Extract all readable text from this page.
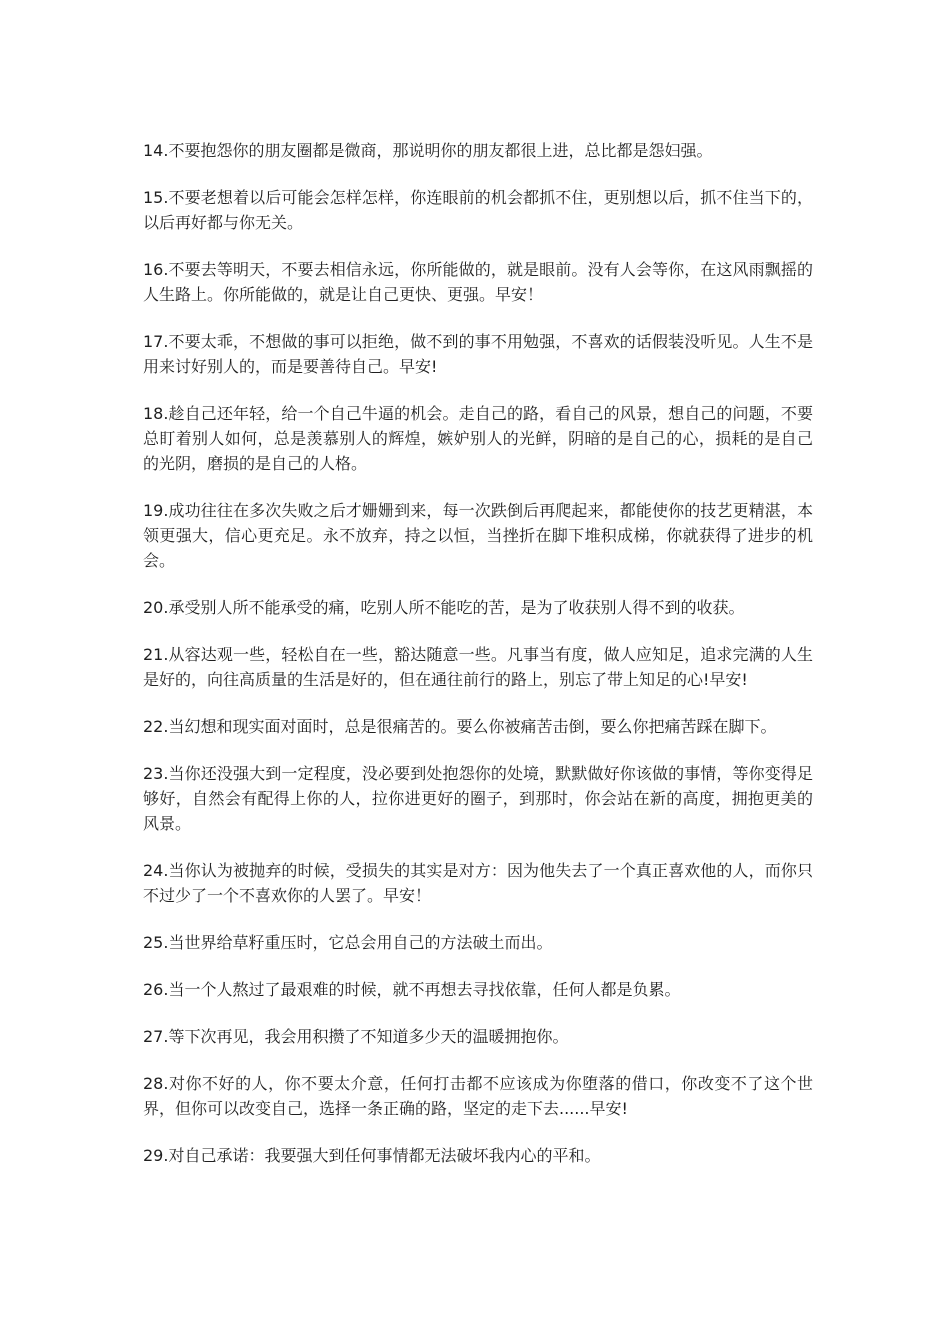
14.不要抱怨你的朋友圈都是微商，那说明你的朋友都很上进，总比都是怨妇强。

15.不要老想着以后可能会怎样怎样，你连眼前的机会都抓不住，更别想以后，抓不住当下的，以后再好都与你无关。

16.不要去等明天，不要去相信永远，你所能做的，就是眼前。没有人会等你，在这风雨飘摇的人生路上。你所能做的，就是让自己更快、更强。早安！

17.不要太乖，不想做的事可以拒绝，做不到的事不用勉强，不喜欢的话假装没听见。人生不是用来讨好别人的，而是要善待自己。早安!

18.趁自己还年轻，给一个自己牛逼的机会。走自己的路，看自己的风景，想自己的问题，不要总盯着别人如何，总是羡慕别人的辉煌，嫉妒别人的光鲜，阴暗的是自己的心，损耗的是自己的光阴，磨损的是自己的人格。

19.成功往往在多次失败之后才姗姗到来，每一次跌倒后再爬起来，都能使你的技艺更精湛，本领更强大，信心更充足。永不放弃，持之以恒，当挫折在脚下堆积成梯，你就获得了进步的机会。

20.承受别人所不能承受的痛，吃别人所不能吃的苦，是为了收获别人得不到的收获。

21.从容达观一些，轻松自在一些，豁达随意一些。凡事当有度，做人应知足，追求完满的人生是好的，向往高质量的生活是好的，但在通往前行的路上，别忘了带上知足的心!早安!

22.当幻想和现实面对面时，总是很痛苦的。要么你被痛苦击倒，要么你把痛苦踩在脚下。

23.当你还没强大到一定程度，没必要到处抱怨你的处境，默默做好你该做的事情，等你变得足够好，自然会有配得上你的人，拉你进更好的圈子，到那时，你会站在新的高度，拥抱更美的风景。

24.当你认为被抛弃的时候，受损失的其实是对方：因为他失去了一个真正喜欢他的人，而你只不过少了一个不喜欢你的人罢了。早安！

25.当世界给草籽重压时，它总会用自己的方法破土而出。

26.当一个人熬过了最艰难的时候，就不再想去寻找依靠，任何人都是负累。

27.等下次再见，我会用积攒了不知道多少天的温暖拥抱你。

28.对你不好的人，你不要太介意，任何打击都不应该成为你堕落的借口，你改变不了这个世界，但你可以改变自己，选择一条正确的路，坚定的走下去......早安!

29.对自己承诺：我要强大到任何事情都无法破坏我内心的平和。
